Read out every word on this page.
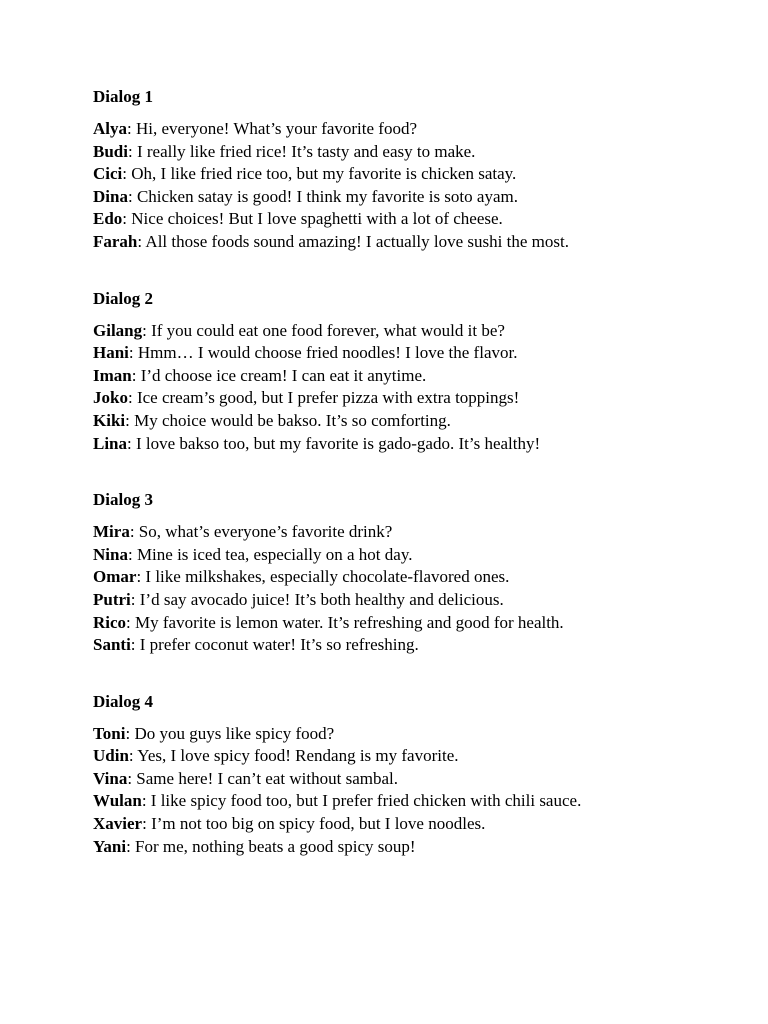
Dialog 1
Alya: Hi, everyone! What’s your favorite food?
Budi: I really like fried rice! It’s tasty and easy to make.
Cici: Oh, I like fried rice too, but my favorite is chicken satay.
Dina: Chicken satay is good! I think my favorite is soto ayam.
Edo: Nice choices! But I love spaghetti with a lot of cheese.
Farah: All those foods sound amazing! I actually love sushi the most.
Dialog 2
Gilang: If you could eat one food forever, what would it be?
Hani: Hmm… I would choose fried noodles! I love the flavor.
Iman: I’d choose ice cream! I can eat it anytime.
Joko: Ice cream’s good, but I prefer pizza with extra toppings!
Kiki: My choice would be bakso. It’s so comforting.
Lina: I love bakso too, but my favorite is gado-gado. It’s healthy!
Dialog 3
Mira: So, what’s everyone’s favorite drink?
Nina: Mine is iced tea, especially on a hot day.
Omar: I like milkshakes, especially chocolate-flavored ones.
Putri: I’d say avocado juice! It’s both healthy and delicious.
Rico: My favorite is lemon water. It’s refreshing and good for health.
Santi: I prefer coconut water! It’s so refreshing.
Dialog 4
Toni: Do you guys like spicy food?
Udin: Yes, I love spicy food! Rendang is my favorite.
Vina: Same here! I can’t eat without sambal.
Wulan: I like spicy food too, but I prefer fried chicken with chili sauce.
Xavier: I’m not too big on spicy food, but I love noodles.
Yani: For me, nothing beats a good spicy soup!
